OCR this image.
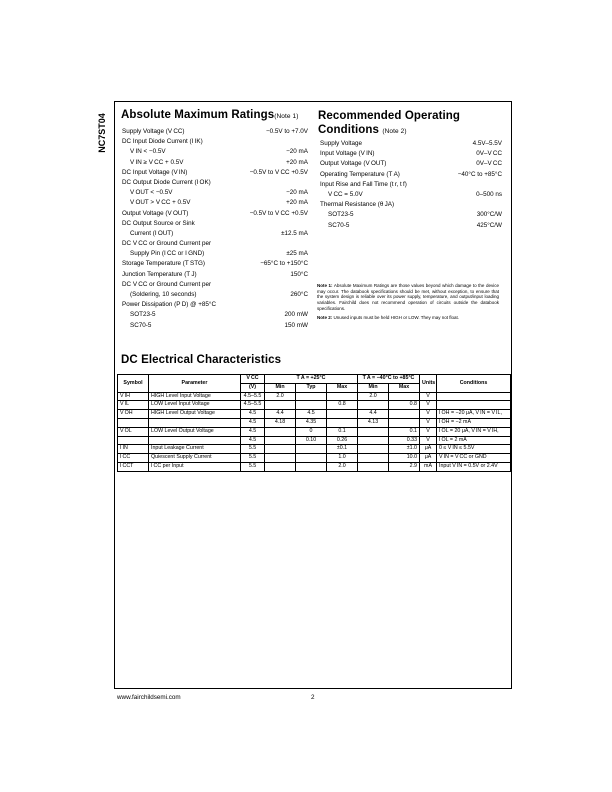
NC7ST04 Absolute Maximum Ratings(Note 1)
Supply Voltage (V CC)	−0.5V to +7.0V
DC Input Diode Current (I IK)
V IN < −0.5V	−20 mA
V IN ≥ V CC + 0.5V	+20 mA
DC Input Voltage (V IN)	−0.5V to V CC +0.5V
DC Output Diode Current (I OK)
V OUT < −0.5V	−20 mA
V OUT > V CC + 0.5V	+20 mA
Output Voltage (V OUT)	−0.5V to V CC +0.5V
DC Output Source or Sink
Current (I OUT)	±12.5 mA
DC V CC or Ground Current per
Supply Pin (I CC or I GND)	±25 mA
Storage Temperature (T STG)	−65°C to +150°C
Junction Temperature (T J)	150°C
DC V CC or Ground Current per
(Soldering, 10 seconds)	260°C
Power Dissipation (P D) @ +85°C
SOT23-5	200 mW
SC70-5	150 mW
Recommended Operating
Conditions (Note 2)
Supply Voltage	4.5V–5.5V
Input Voltage (V IN)	0V–V CC
Output Voltage (V OUT)	0V–V CC
Operating Temperature (T A)	−40°C to +85°C
Input Rise and Fall Time (t r, t f)
V CC = 5.0V	0–500 ns
Thermal Resistance (θ JA)
SOT23-5	300°C/W
SC70-5	425°C/W

Note 1: Absolute Maximum Ratings are those values beyond which damage to the device may occur. The databook specifications should be met, without exception, to ensure that the system design is reliable over its power supply, temperature, and output/input loading variables. Fairchild does not recommend operation of circuits outside the databook specifications.

Note 2: Unused inputs must be held HIGH or LOW. They may not float.

DC Electrical Characteristics
Symbol	Parameter	V CC	T A = +25°C			T A = −40°C to +85°C		Units	Conditions
		(V)	Min	Typ	Max	Min	Max		
V IH	HIGH Level Input Voltage	4.5–5.5	2.0			2.0		V	
V IL	LOW Level Input Voltage	4.5–5.5			0.8		0.8	V	
V OH	HIGH Level Output Voltage	4.5	4.4	4.5		4.4		V	I OH = −20 μA, V IN = V IL,
		4.5	4.18	4.35		4.13		V	I OH = −2 mA
V OL	LOW Level Output Voltage	4.5		0	0.1		0.1	V	I OL = 20 μA, V IN = V IH,
		4.5		0.10	0.26		0.33	V	I OL = 2 mA
I IN	Input Leakage Current	5.5			±0.1		±1.0	μA	0 ≤ V IN ≤ 5.5V
I CC	Quiescent Supply Current	5.5			1.0		10.0	μA	V IN = V CC or GND
I CCT	I CC per Input	5.5			2.0		2.9	mA	Input V IN = 0.5V or 2.4V
www.fairchildsemi.com	2
